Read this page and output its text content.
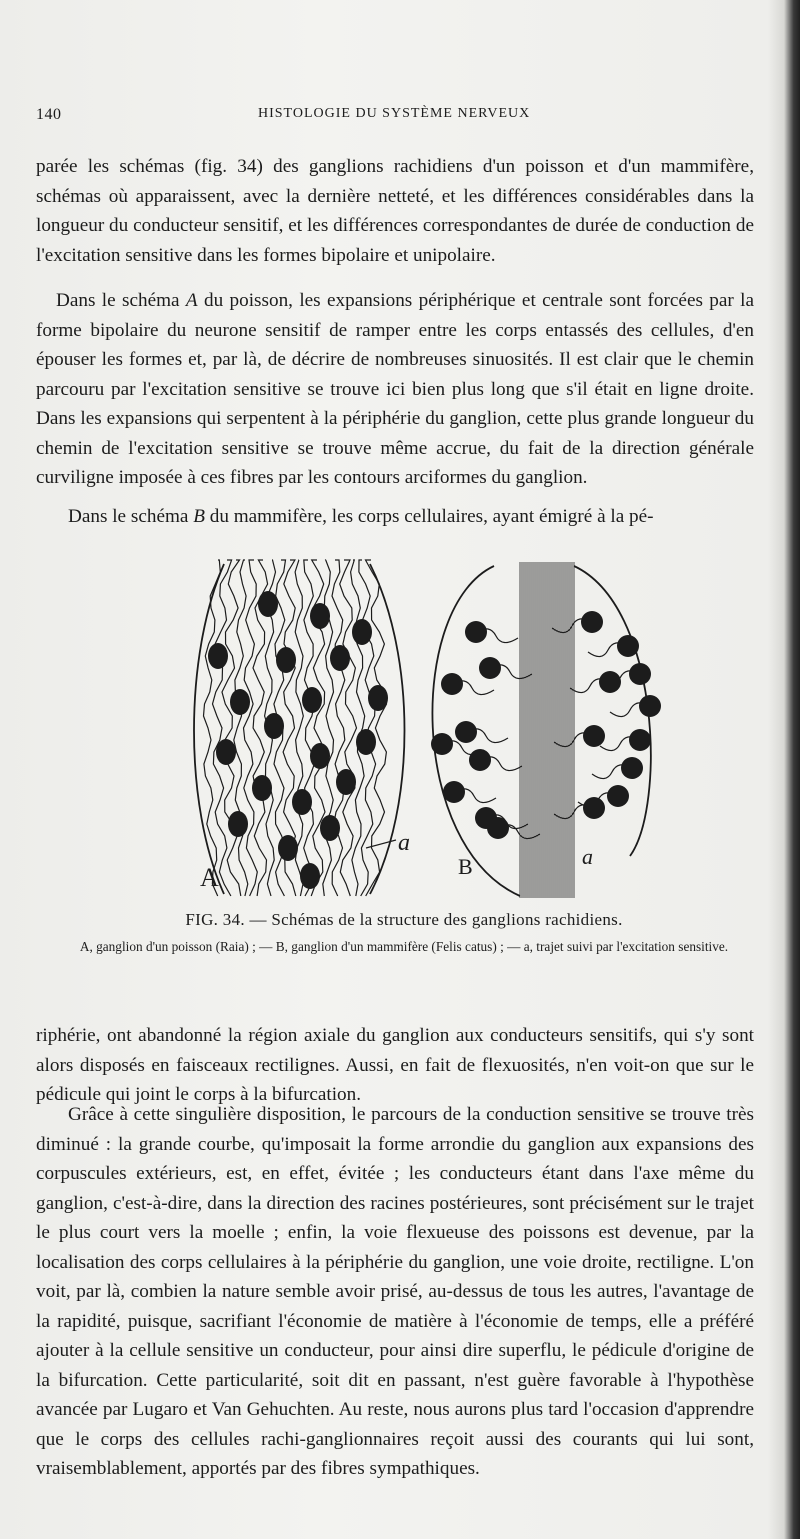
140	HISTOLOGIE DU SYSTÈME NERVEUX

parée les schémas (fig. 34) des ganglions rachidiens d'un poisson et d'un mammifère, schémas où apparaissent, avec la dernière netteté, et les différences considérables dans la longueur du conducteur sensitif, et les différences correspondantes de durée de conduction de l'excitation sensitive dans les formes bipolaire et unipolaire.

Dans le schéma A du poisson, les expansions périphérique et centrale sont forcées par la forme bipolaire du neurone sensitif de ramper entre les corps entassés des cellules, d'en épouser les formes et, par là, de décrire de nombreuses sinuosités. Il est clair que le chemin parcouru par l'excitation sensitive se trouve ici bien plus long que s'il était en ligne droite. Dans les expansions qui serpentent à la périphérie du ganglion, cette plus grande longueur du chemin de l'excitation sensitive se trouve même accrue, du fait de la direction générale curviligne imposée à ces fibres par les contours arciformes du ganglion.

Dans le schéma B du mammifère, les corps cellulaires, ayant émigré à la pé-

A
a
B	a

FIG. 34. — Schémas de la structure des ganglions rachidiens.

A, ganglion d'un poisson (Raia) ; — B, ganglion d'un mammifère (Felis catus) ; — a, trajet suivi par l'excitation sensitive.

riphérie, ont abandonné la région axiale du ganglion aux conducteurs sensitifs, qui s'y sont alors disposés en faisceaux rectilignes. Aussi, en fait de flexuosités, n'en voit-on que sur le pédicule qui joint le corps à la bifurcation.

Grâce à cette singulière disposition, le parcours de la conduction sensitive se trouve très diminué : la grande courbe, qu'imposait la forme arrondie du ganglion aux expansions des corpuscules extérieurs, est, en effet, évitée ; les conducteurs étant dans l'axe même du ganglion, c'est-à-dire, dans la direction des racines postérieures, sont précisément sur le trajet le plus court vers la moelle ; enfin, la voie flexueuse des poissons est devenue, par la localisation des corps cellulaires à la périphérie du ganglion, une voie droite, rectiligne. L'on voit, par là, combien la nature semble avoir prisé, au-dessus de tous les autres, l'avantage de la rapidité, puisque, sacrifiant l'économie de matière à l'économie de temps, elle a préféré ajouter à la cellule sensitive un conducteur, pour ainsi dire superflu, le pédicule d'origine de la bifurcation. Cette particularité, soit dit en passant, n'est guère favorable à l'hypothèse avancée par Lugaro et Van Gehuchten. Au reste, nous aurons plus tard l'occasion d'apprendre que le corps des cellules rachi-ganglionnaires reçoit aussi des courants qui lui sont, vraisemblablement, apportés par des fibres sympathiques.
